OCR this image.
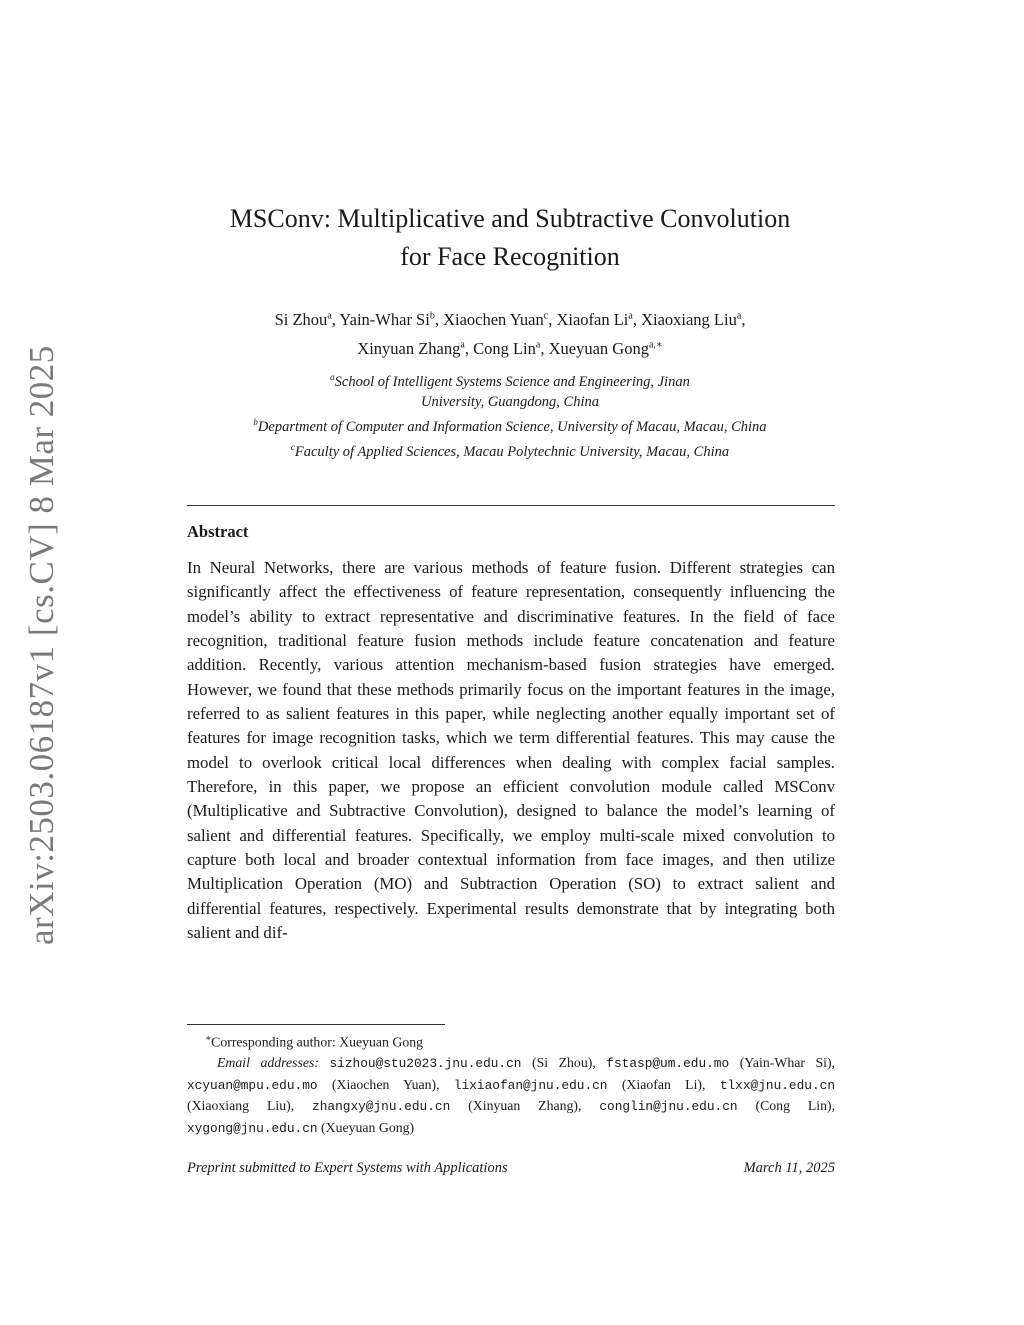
arXiv:2503.06187v1 [cs.CV] 8 Mar 2025
MSConv: Multiplicative and Subtractive Convolution
for Face Recognition
Si Zhou$^a$, Yain-Whar Si$^b$, Xiaochen Yuan$^c$, Xiaofan Li$^a$, Xiaoxiang Liu$^a$,
Xinyuan Zhang$^a$, Cong Lin$^a$, Xueyuan Gong$^{a,∗}$
$^a$School of Intelligent Systems Science and Engineering, Jinan
University, Guangdong, China
$^b$Department of Computer and Information Science, University of Macau, Macau, China
$^c$Faculty of Applied Sciences, Macau Polytechnic University, Macau, China
Abstract
In Neural Networks, there are various methods of feature fusion. Different strategies can significantly affect the effectiveness of feature representation, consequently influencing the model’s ability to extract representative and discriminative features. In the field of face recognition, traditional feature fusion methods include feature concatenation and feature addition. Recently, various attention mechanism-based fusion strategies have emerged. However, we found that these methods primarily focus on the important features in the image, referred to as salient features in this paper, while neglecting another equally important set of features for image recognition tasks, which we term differential features. This may cause the model to overlook critical local differences when dealing with complex facial samples. Therefore, in this paper, we propose an efficient convolution module called MSConv (Multiplicative and Subtractive Convolution), designed to balance the model’s learning of salient and differential features. Specifically, we employ multi-scale mixed convolution to capture both local and broader contextual information from face images, and then utilize Multiplication Operation (MO) and Subtraction Operation (SO) to extract salient and differential features, respectively. Experimental results demonstrate that by integrating both salient and dif-
∗Corresponding author: Xueyuan Gong
Email addresses: sizhou@stu2023.jnu.edu.cn (Si Zhou), fstasp@um.edu.mo (Yain-Whar Si), xcyuan@mpu.edu.mo (Xiaochen Yuan), lixiaofan@jnu.edu.cn (Xiaofan Li), tlxx@jnu.edu.cn (Xiaoxiang Liu), zhangxy@jnu.edu.cn (Xinyuan Zhang), conglin@jnu.edu.cn (Cong Lin), xygong@jnu.edu.cn (Xueyuan Gong)
Preprint submitted to Expert Systems with Applications	March 11, 2025
